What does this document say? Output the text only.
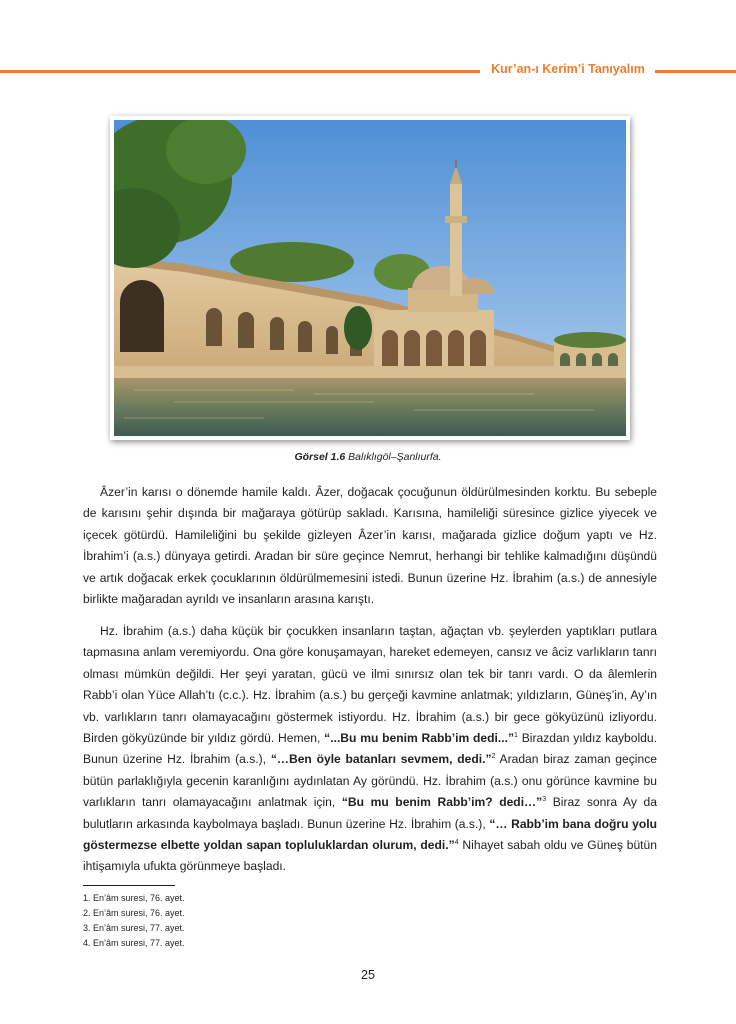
Kur’an-ı Kerim’i Tanıyalım
Görsel 1.6 Balıklıgöl–Şanlıurfa.

Âzer’in karısı o dönemde hamile kaldı. Âzer, doğacak çocuğunun öldürülmesinden korktu. Bu sebeple de karısını şehir dışında bir mağaraya götürüp sakladı. Karısına, hamileliği süresince gizlice yiyecek ve içecek götürdü. Hamileliğini bu şekilde gizleyen Âzer’in karısı, mağarada gizlice doğum yaptı ve Hz. İbrahim’i (a.s.) dünyaya getirdi. Aradan bir süre geçince Nemrut, herhangi bir tehlike kalmadığını düşündü ve artık doğacak erkek çocuklarının öldürülmemesini istedi. Bunun üzerine Hz. İbrahim (a.s.) de annesiyle birlikte mağaradan ayrıldı ve insanların arasına karıştı.

Hz. İbrahim (a.s.) daha küçük bir çocukken insanların taştan, ağaçtan vb. şeylerden yaptıkları putlara tapmasına anlam veremiyordu. Ona göre konuşamayan, hareket edemeyen, cansız ve âciz varlıkların tanrı olması mümkün değildi. Her şeyi yaratan, gücü ve ilmi sınırsız olan tek bir tanrı vardı. O da âlemlerin Rabb’i olan Yüce Allah’tı (c.c.). Hz. İbrahim (a.s.) bu gerçeği kavmine anlatmak; yıldızların, Güneş’in, Ay’ın vb. varlıkların tanrı olamayacağını göstermek istiyordu. Hz. İbrahim (a.s.) bir gece gökyüzünü izliyordu. Birden gökyüzünde bir yıldız gördü. Hemen, “...Bu mu benim Rabb’im dedi...”$^1$ Birazdan yıldız kayboldu. Bunun üzerine Hz. İbrahim (a.s.), “…Ben öyle batanları sevmem, dedi.”$^2$ Aradan biraz zaman geçince bütün parlaklığıyla gecenin karanlığını aydınlatan Ay göründü. Hz. İbrahim (a.s.) onu görünce kavmine bu varlıkların tanrı olamayacağını anlatmak için, “Bu mu benim Rabb’im? dedi…”$^3$ Biraz sonra Ay da bulutların arkasında kaybolmaya başladı. Bunun üzerine Hz. İbrahim (a.s.), “… Rabb’im bana doğru yolu göstermezse elbette yoldan sapan topluluklardan olurum, dedi.”$^4$ Nihayet sabah oldu ve Güneş bütün ihtişamıyla ufukta görünmeye başladı.

1. En’âm suresi, 76. ayet.
2. En’âm suresi, 76. ayet.
3. En’âm suresi, 77. ayet.
4. En’âm suresi, 77. ayet.
25
